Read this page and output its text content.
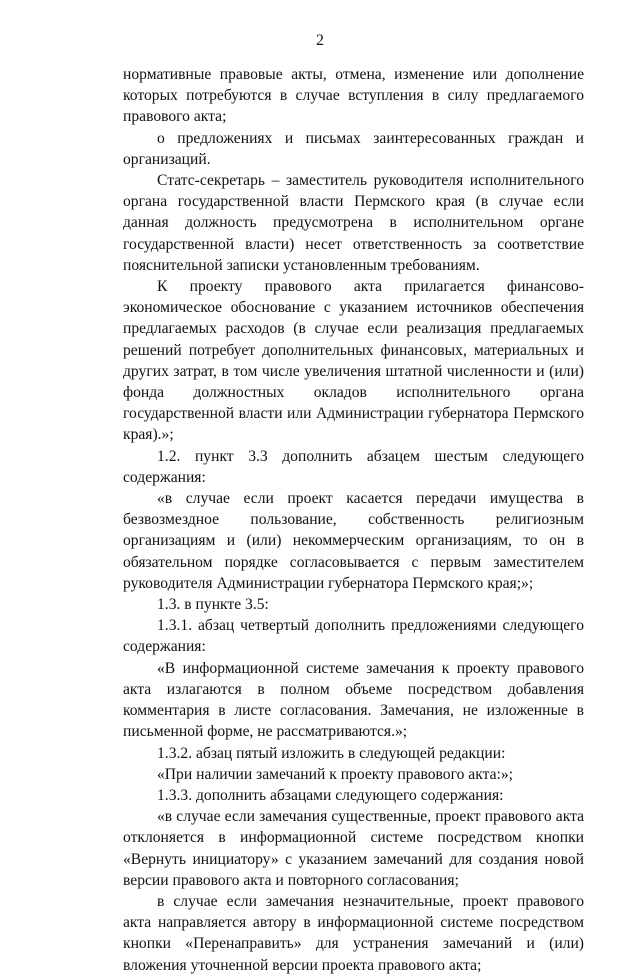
2

нормативные правовые акты, отмена, изменение или дополнение которых потребуются в случае вступления в силу предлагаемого правового акта;

о предложениях и письмах заинтересованных граждан и организаций.

Статс-секретарь – заместитель руководителя исполнительного органа государственной власти Пермского края (в случае если данная должность предусмотрена в исполнительном органе государственной власти) несет ответственность за соответствие пояснительной записки установленным требованиям.

К проекту правового акта прилагается финансово-экономическое обоснование с указанием источников обеспечения предлагаемых расходов (в случае если реализация предлагаемых решений потребует дополнительных финансовых, материальных и других затрат, в том числе увеличения штатной численности и (или) фонда должностных окладов исполнительного органа государственной власти или Администрации губернатора Пермского края).»;

1.2. пункт 3.3 дополнить абзацем шестым следующего содержания:

«в случае если проект касается передачи имущества в безвозмездное пользование, собственность религиозным организациям и (или) некоммерческим организациям, то он в обязательном порядке согласовывается с первым заместителем руководителя Администрации губернатора Пермского края;»;

1.3. в пункте 3.5:

1.3.1. абзац четвертый дополнить предложениями следующего содержания:

«В информационной системе замечания к проекту правового акта излагаются в полном объеме посредством добавления комментария в листе согласования. Замечания, не изложенные в письменной форме, не рассматриваются.»;

1.3.2. абзац пятый изложить в следующей редакции:

«При наличии замечаний к проекту правового акта:»;

1.3.3. дополнить абзацами следующего содержания:

«в случае если замечания существенные, проект правового акта отклоняется в информационной системе посредством кнопки «Вернуть инициатору» с указанием замечаний для создания новой версии правового акта и повторного согласования;

в случае если замечания незначительные, проект правового акта направляется автору в информационной системе посредством кнопки «Перенаправить» для устранения замечаний и (или) вложения уточненной версии проекта правового акта;
